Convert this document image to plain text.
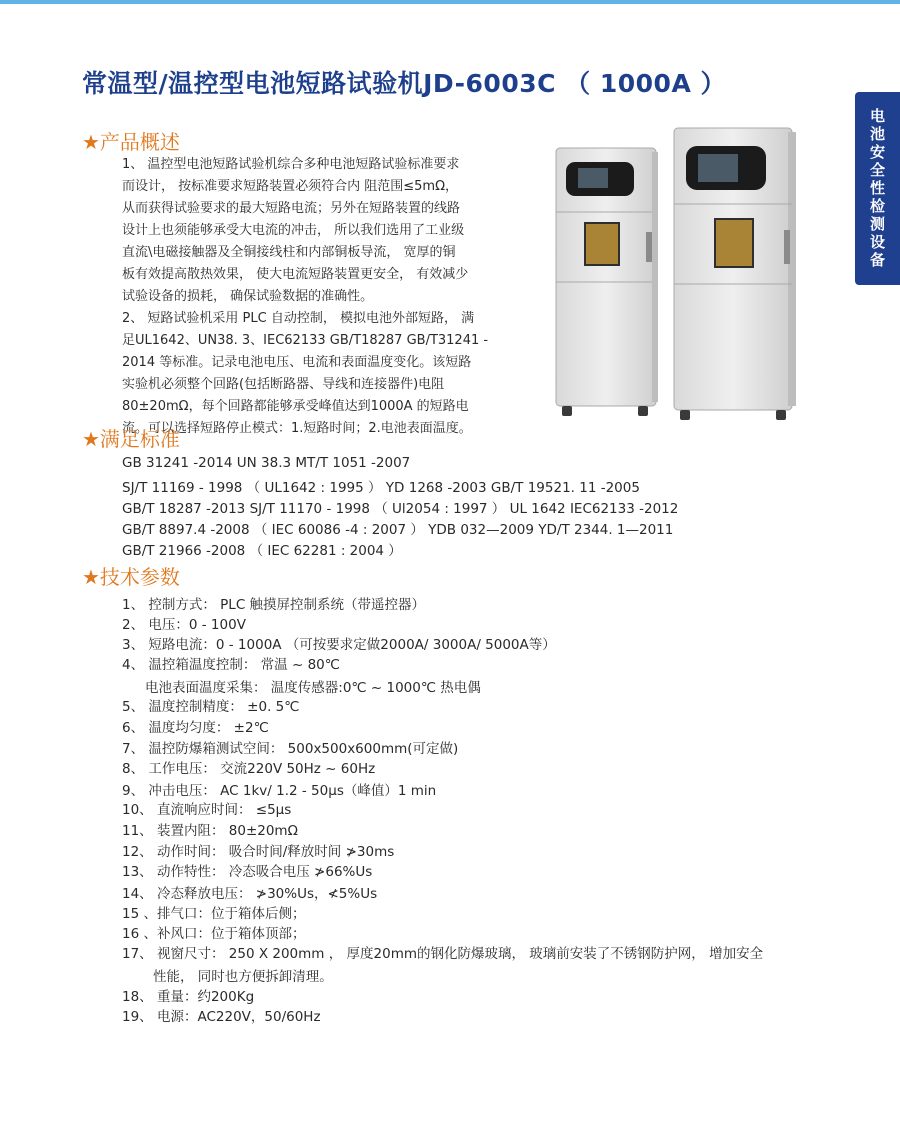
常温型/温控型电池短路试验机JD-6003C （ 1000A ）
电池安全性检测设备
★产品概述

1、 温控型电池短路试验机综合多种电池短路试验标准要求

而设计， 按标准要求短路装置必须符合内 阻范围≤5mΩ，

从而获得试验要求的最大短路电流；另外在短路装置的线路

设计上也须能够承受大电流的冲击， 所以我们选用了工业级

直流\电磁接触器及全铜接线柱和内部铜板导流， 宽厚的铜

板有效提高散热效果， 使大电流短路装置更安全， 有效减少

试验设备的损耗， 确保试验数据的准确性。

2、 短路试验机采用 PLC 自动控制， 模拟电池外部短路， 满

足UL1642、UN38. 3、IEC62133 GB/T18287 GB/T31241 -

2014 等标准。记录电池电压、电流和表面温度变化。该短路

实验机必须整个回路(包括断路器、导线和连接器件)电阻

80±20mΩ，每个回路都能够承受峰值达到1000A 的短路电

流。可以选择短路停止模式：1.短路时间；2.电池表面温度。

★满足标准
GB 31241 -2014 UN 38.3 MT/T 1051 -2007
SJ/T 11169 - 1998 （ UL1642 : 1995 ） YD 1268 -2003 GB/T 19521. 11 -2005
GB/T 18287 -2013 SJ/T 11170 - 1998 （ Ul2054 : 1997 ） UL 1642 IEC62133 -2012
GB/T 8897.4 -2008 （ IEC 60086 -4 : 2007 ） YDB 032—2009 YD/T 2344. 1—2011
GB/T 21966 -2008 （ IEC 62281 : 2004 ）
★技术参数
1、 控制方式： PLC 触摸屏控制系统（带遥控器）
2、 电压：0 - 100V
3、 短路电流：0 - 1000A （可按要求定做2000A/ 3000A/ 5000A等）
4、 温控箱温度控制： 常温 ~ 80℃
电池表面温度采集： 温度传感器:0℃ ~ 1000℃ 热电偶
5、 温度控制精度： ±0. 5℃
6、 温度均匀度： ±2℃
7、 温控防爆箱测试空间： 500x500x600mm(可定做)
8、 工作电压： 交流220V 50Hz ~ 60Hz
9、 冲击电压： AC 1kv/ 1.2 - 50μs（峰值）1 min
10、 直流响应时间： ≤5μs
11、 装置内阻： 80±20mΩ
12、 动作时间： 吸合时间/释放时间 ≯30ms
13、 动作特性： 冷态吸合电压 ≯66%Us
14、 冷态释放电压： ≯30%Us，≮5%Us
15 、排气口：位于箱体后侧；
16 、补风口：位于箱体顶部；
17、 视窗尺寸： 250 X 200mm ， 厚度20mm的钢化防爆玻璃， 玻璃前安装了不锈钢防护网， 增加安全
性能， 同时也方便拆卸清理。
18、 重量：约200Kg
19、 电源：AC220V，50/60Hz
